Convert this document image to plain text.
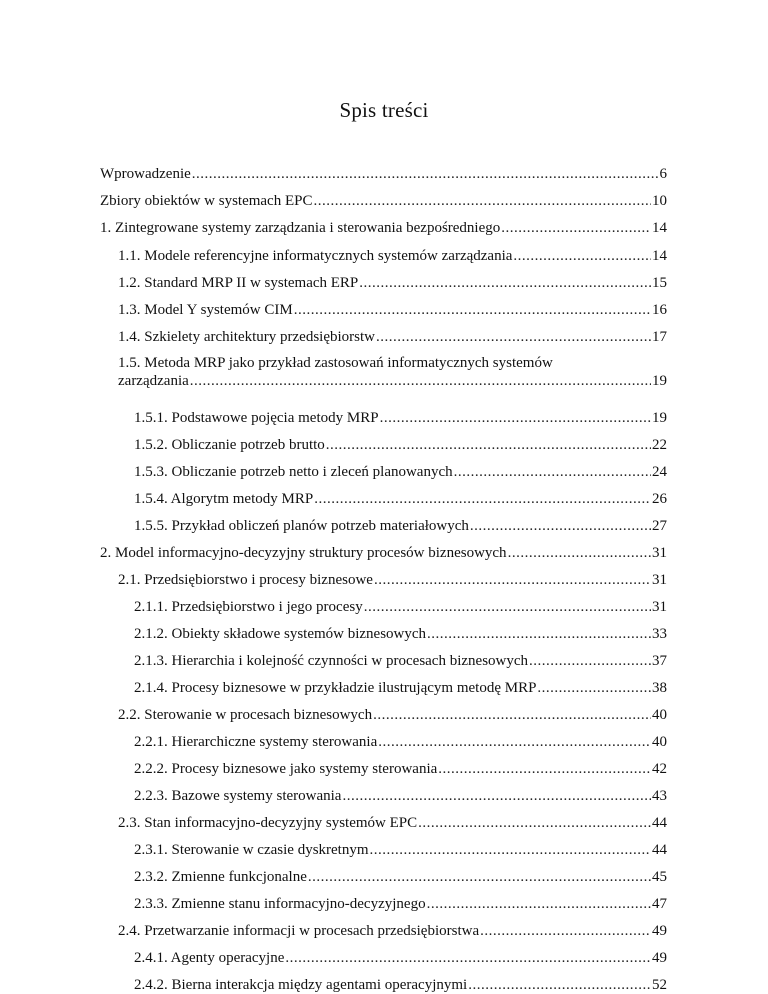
Spis treści
Wprowadzenie .....	6
Zbiory obiektów w systemach EPC .....	10
1. Zintegrowane systemy zarządzania i sterowania bezpośredniego .....	14
1.1. Modele referencyjne informatycznych systemów zarządzania .....	14
1.2. Standard MRP II w systemach ERP .....	15
1.3. Model Y systemów CIM .....	16
1.4. Szkielety architektury przedsiębiorstw .....	17
1.5. Metoda MRP jako przykład zastosowań informatycznych systemów
zarządzania .....	19
1.5.1. Podstawowe pojęcia metody MRP .....	19
1.5.2. Obliczanie potrzeb brutto .....	22
1.5.3. Obliczanie potrzeb netto i zleceń planowanych .....	24
1.5.4. Algorytm metody MRP .....	26
1.5.5. Przykład obliczeń planów potrzeb materiałowych .....	27
2. Model informacyjno-decyzyjny struktury procesów biznesowych .....	31
2.1. Przedsiębiorstwo i procesy biznesowe .....	31
2.1.1. Przedsiębiorstwo i jego procesy .....	31
2.1.2. Obiekty składowe systemów biznesowych .....	33
2.1.3. Hierarchia i kolejność czynności w procesach biznesowych .....	37
2.1.4. Procesy biznesowe w przykładzie ilustrującym metodę MRP .....	38
2.2. Sterowanie w procesach biznesowych .....	40
2.2.1. Hierarchiczne systemy sterowania .....	40
2.2.2. Procesy biznesowe jako systemy sterowania .....	42
2.2.3. Bazowe systemy sterowania .....	43
2.3. Stan informacyjno-decyzyjny systemów EPC .....	44
2.3.1. Sterowanie w czasie dyskretnym .....	44
2.3.2. Zmienne funkcjonalne .....	45
2.3.3. Zmienne stanu informacyjno-decyzyjnego .....	47
2.4. Przetwarzanie informacji w procesach przedsiębiorstwa .....	49
2.4.1. Agenty operacyjne .....	49
2.4.2. Bierna interakcja między agentami operacyjnymi .....	52
